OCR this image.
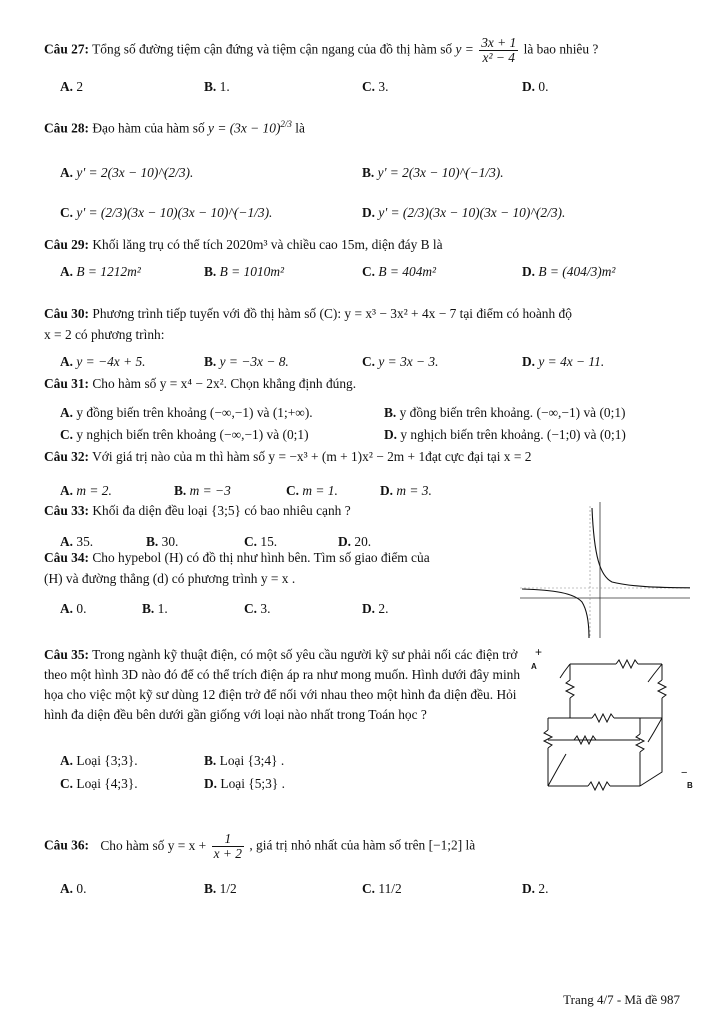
Câu 27: Tổng số đường tiệm cận đứng và tiệm cận ngang của đồ thị hàm số $y = \frac{3x + 1}{\text{x² − 4}}$ là bao nhiêu ?
A. 2	B. 1.	C. 3.	D. 0.
Câu 28: Đạo hàm của hàm số $y = (3x - 10)^{2/3}$ là
A. y' = 2(3x − 10)^(2/3).	B. y' = 2(3x − 10)^(−1/3).
C. y' = (2/3)(3x − 10)(3x − 10)^(−1/3).	D. y' = (2/3)(3x − 10)(3x − 10)^(2/3).
Câu 29: Khối lăng trụ có thể tích 2020m³ và chiều cao 15m, diện đáy B là
A. B = 1212m²	B. B = 1010m²	C. B = 404m²	D. B = (404/3)m²
Câu 30: Phương trình tiếp tuyến với đồ thị hàm số (C): y = x³ − 3x² + 4x − 7 tại điểm có hoành độ
x = 2 có phương trình:
A. y = −4x + 5.	B. y = −3x − 8.	C. y = 3x − 3.	D. y = 4x − 11.
Câu 31: Cho hàm số y = x⁴ − 2x². Chọn khẳng định đúng.
A. y đồng biến trên khoảng (−∞,−1) và (1;+∞).	B. y đồng biến trên khoảng. (−∞,−1) và (0;1)
C. y nghịch biến trên khoảng (−∞,−1) và (0;1)	D. y nghịch biến trên khoảng. (−1;0) và (0;1)
Câu 32: Với giá trị nào của m thì hàm số y = −x³ + (m + 1)x² − 2m + 1đạt cực đại tại x = 2
A. m = 2.	B. m = −3	C. m = 1.	D. m = 3.
Câu 33: Khối đa diện đều loại {3;5} có bao nhiêu cạnh ?
A. 35.	B. 30.	C. 15.	D. 20.
Câu 34: Cho hypebol (H) có đồ thị như hình bên. Tìm số giao điểm của
(H) và đường thẳng (d) có phương trình y = x .
A. 0.	B. 1.	C. 3.	D. 2.
Câu 35: Trong ngành kỹ thuật điện, có một số yêu cầu người kỹ sư phải nối các điện trở theo một hình 3D nào đó để có thể trích điện áp ra như mong muốn. Hình dưới đây minh họa cho việc một kỹ sư dùng 12 điện trở để nối với nhau theo một hình đa diện đều. Hỏi hình đa diện đều bên dưới gần giống với loại nào nhất trong Toán học ?
A. Loại {3;3}.	B. Loại {3;4} .
C. Loại {4;3}.	D. Loại {5;3} .
+
A
−
B
Câu 36: Cho hàm số $y = x + \frac{1}{x + 2}$ , giá trị nhỏ nhất của hàm số trên [−1;2] là
A. 0.	B. 1/2	C. 11/2	D. 2.
Trang 4/7 - Mã đề 987
